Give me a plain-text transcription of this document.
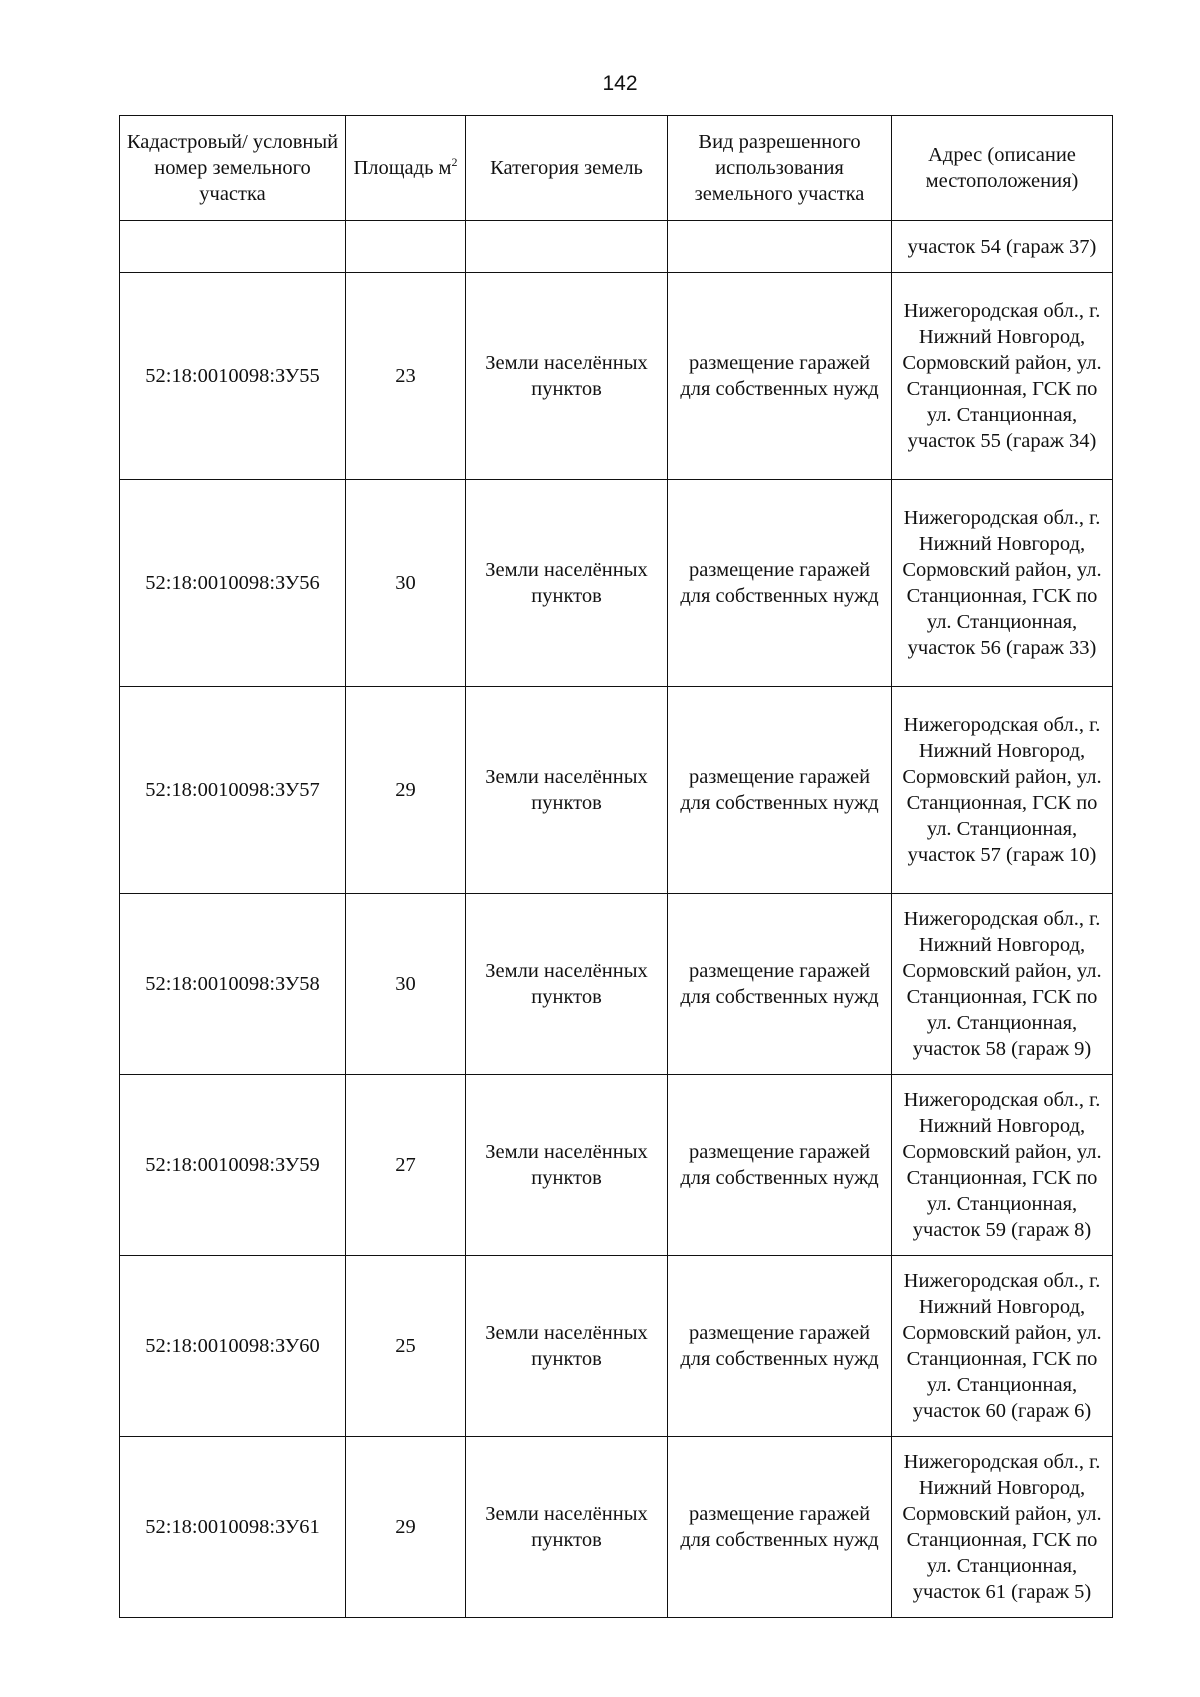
142
Кадастровый/ условный номер земельного участка	Площадь $м^2$	Категория земель	Вид разрешенного использования земельного участка	Адрес (описание местоположения)
				участок 54 (гараж 37)
52:18:0010098:ЗУ55	23	Земли населённых пунктов	размещение гаражей для собственных нужд	Нижегородская обл., г. Нижний Новгород, Сормовский район, ул. Станционная, ГСК по ул. Станционная, участок 55 (гараж 34)
52:18:0010098:ЗУ56	30	Земли населённых пунктов	размещение гаражей для собственных нужд	Нижегородская обл., г. Нижний Новгород, Сормовский район, ул. Станционная, ГСК по ул. Станционная, участок 56 (гараж 33)
52:18:0010098:ЗУ57	29	Земли населённых пунктов	размещение гаражей для собственных нужд	Нижегородская обл., г. Нижний Новгород, Сормовский район, ул. Станционная, ГСК по ул. Станционная, участок 57 (гараж 10)
52:18:0010098:ЗУ58	30	Земли населённых пунктов	размещение гаражей для собственных нужд	Нижегородская обл., г. Нижний Новгород, Сормовский район, ул. Станционная, ГСК по ул. Станционная, участок 58 (гараж 9)
52:18:0010098:ЗУ59	27	Земли населённых пунктов	размещение гаражей для собственных нужд	Нижегородская обл., г. Нижний Новгород, Сормовский район, ул. Станционная, ГСК по ул. Станционная, участок 59 (гараж 8)
52:18:0010098:ЗУ60	25	Земли населённых пунктов	размещение гаражей для собственных нужд	Нижегородская обл., г. Нижний Новгород, Сормовский район, ул. Станционная, ГСК по ул. Станционная, участок 60 (гараж 6)
52:18:0010098:ЗУ61	29	Земли населённых пунктов	размещение гаражей для собственных нужд	Нижегородская обл., г. Нижний Новгород, Сормовский район, ул. Станционная, ГСК по ул. Станционная, участок 61 (гараж 5)
